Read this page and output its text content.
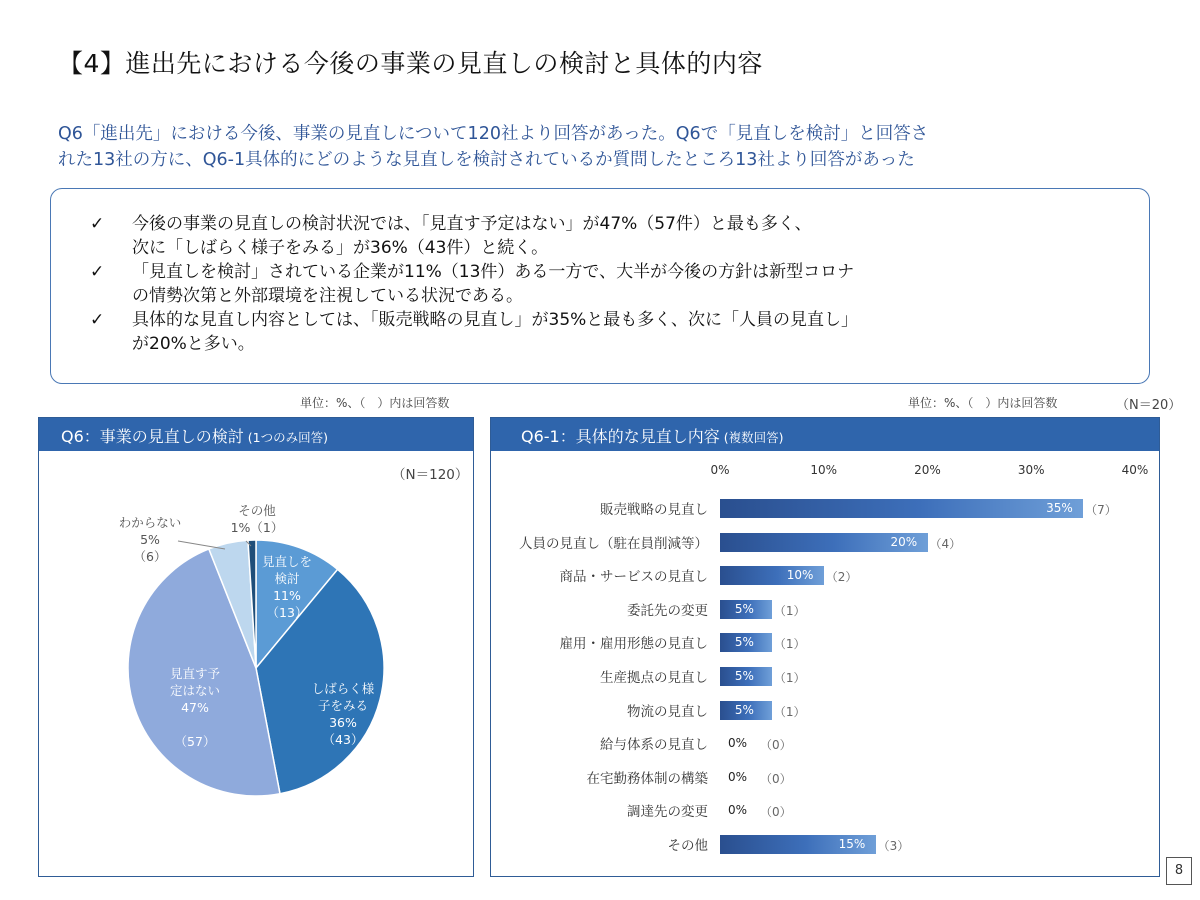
【4】進出先における今後の事業の見直しの検討と具体的内容
Q6「進出先」における今後、事業の見直しについて120社より回答があった。Q6で「見直しを検討」と回答さ
れた13社の方に、Q6-1具体的にどのような見直しを検討されているか質問したところ13社より回答があった
✓ 今後の事業の見直しの検討状況では、「見直す予定はない」が47%（57件）と最も多く、
次に「しばらく様子をみる」が36%（43件）と続く。
✓ 「見直しを検討」されている企業が11%（13件）ある一方で、大半が今後の方針は新型コロナ
の情勢次第と外部環境を注視している状況である。
✓ 具体的な見直し内容としては、「販売戦略の見直し」が35%と最も多く、次に「人員の見直し」
が20%と多い。
単位：%、（　）内は回答数	単位：%、（　）内は回答数	（N＝20）
Q6：事業の見直しの検討 (1つのみ回答)
（N＝120）
見直しを
検討
11%
（13）
しばらく様
子をみる
36%
（43）
見直す予
定はない
47%

（57）
わからない
5%
（6）
その他
1%（1）
Q6-1：具体的な見直し内容 (複数回答)
0%	10%	20%	30%	40%
販売戦略の見直し	35% （7）
人員の見直し（駐在員削減等）	20% （4）
商品・サービスの見直し	10% （2）
委託先の変更 5% （1）
雇用・雇用形態の見直し 5% （1）
生産拠点の見直し 5% （1）
物流の見直し 5% （1）
給与体系の見直し 0% （0）
在宅勤務体制の構築 0% （0）
調達先の変更 0% （0）
その他	15% （3）
8
